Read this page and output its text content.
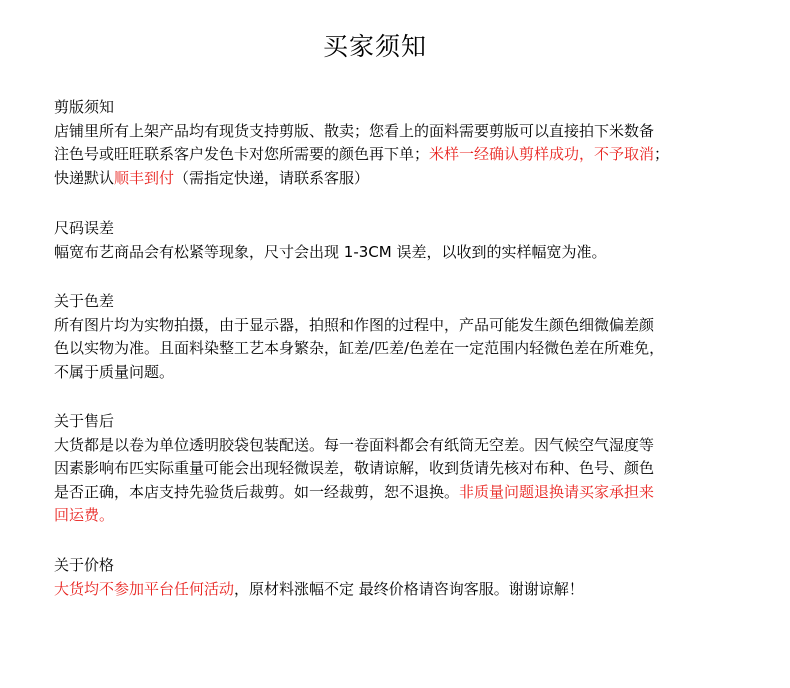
买家须知
剪版须知
店铺里所有上架产品均有现货支持剪版、散卖；您看上的面料需要剪版可以直接拍下米数备
注色号或旺旺联系客户发色卡对您所需要的颜色再下单；米样一经确认剪样成功，不予取消；
快递默认顺丰到付（需指定快递，请联系客服）
尺码误差
幅宽布艺商品会有松紧等现象，尺寸会出现 1-3CM 误差，以收到的实样幅宽为准。
关于色差
所有图片均为实物拍摄，由于显示器，拍照和作图的过程中，产品可能发生颜色细微偏差颜
色以实物为准。且面料染整工艺本身繁杂，缸差/匹差/色差在一定范围内轻微色差在所难免，
不属于质量问题。
关于售后
大货都是以卷为单位透明胶袋包装配送。每一卷面料都会有纸筒无空差。因气候空气湿度等
因素影响布匹实际重量可能会出现轻微误差，敬请谅解，收到货请先核对布种、色号、颜色
是否正确，本店支持先验货后裁剪。如一经裁剪，恕不退换。非质量问题退换请买家承担来
回运费。
关于价格
大货均不参加平台任何活动，原材料涨幅不定 最终价格请咨询客服。谢谢谅解！
